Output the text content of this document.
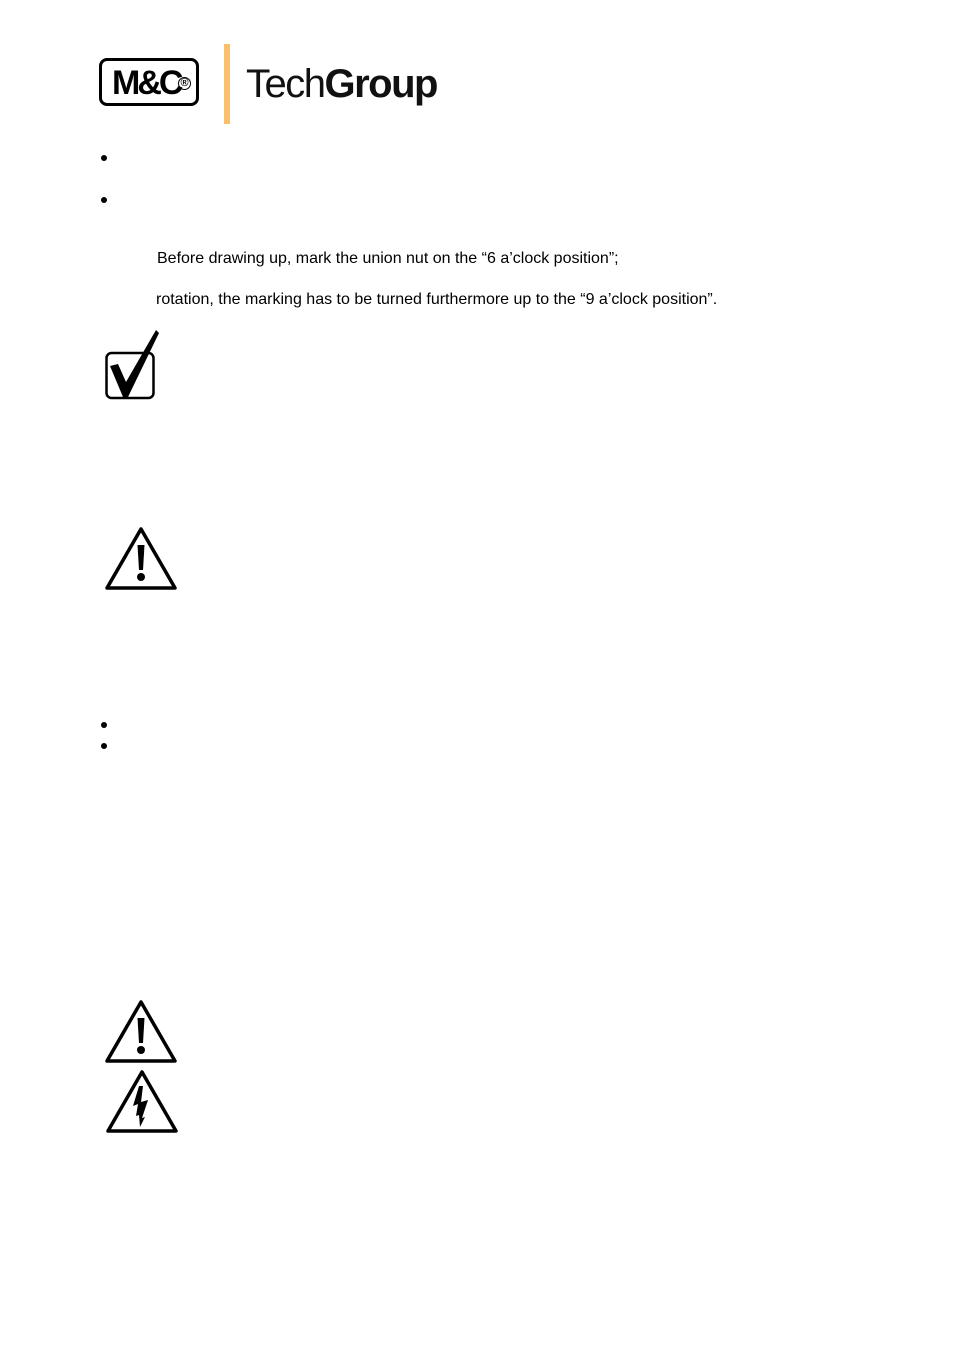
M&C ® TechGroup
Before drawing up, mark the union nut on the “6 a’clock position”;
rotation, the marking has to be turned furthermore up to the “9 a’clock position”.
